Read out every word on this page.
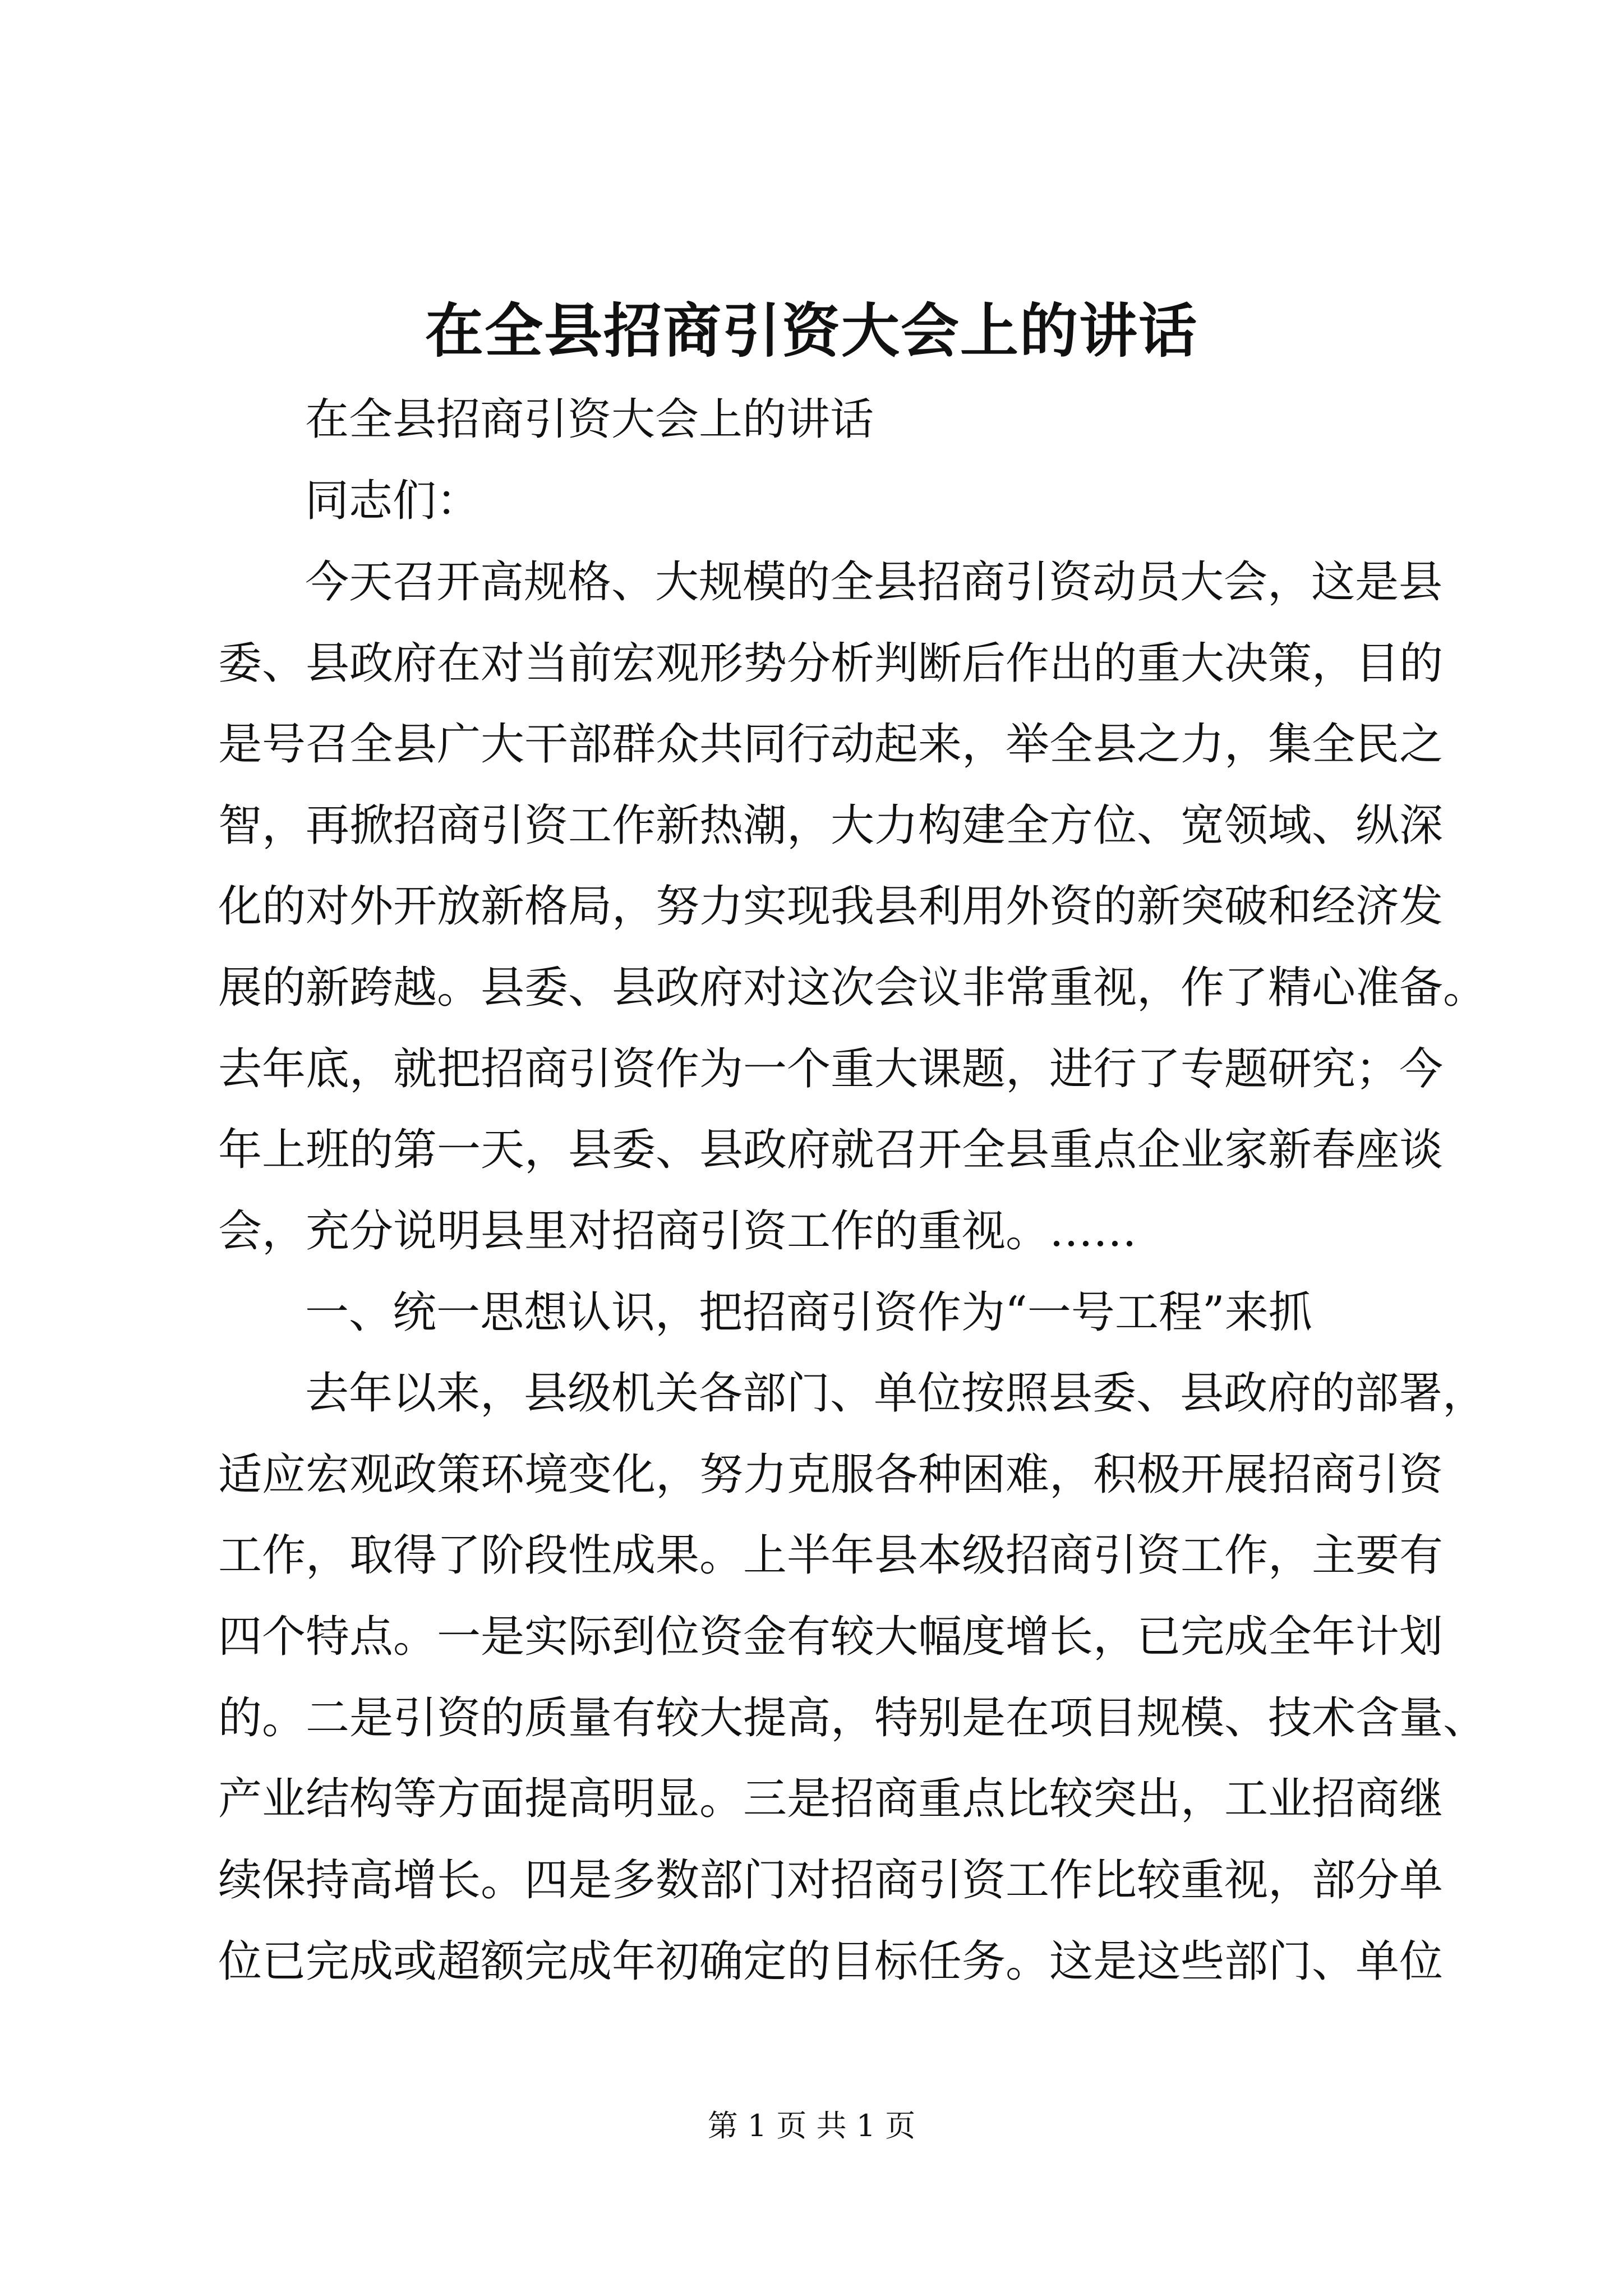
在全县招商引资大会上的讲话
在全县招商引资大会上的讲话
同志们：
今天召开高规格、大规模的全县招商引资动员大会，这是县
委、县政府在对当前宏观形势分析判断后作出的重大决策，目的
是号召全县广大干部群众共同行动起来，举全县之力，集全民之
智，再掀招商引资工作新热潮，大力构建全方位、宽领域、纵深
化的对外开放新格局，努力实现我县利用外资的新突破和经济发
展的新跨越。县委、县政府对这次会议非常重视，作了精心准备。
去年底，就把招商引资作为一个重大课题，进行了专题研究；今
年上班的第一天，县委、县政府就召开全县重点企业家新春座谈
会，充分说明县里对招商引资工作的重视。……
一、统一思想认识，把招商引资作为“一号工程”来抓
去年以来，县级机关各部门、单位按照县委、县政府的部署，
适应宏观政策环境变化，努力克服各种困难，积极开展招商引资
工作，取得了阶段性成果。上半年县本级招商引资工作，主要有
四个特点。一是实际到位资金有较大幅度增长，已完成全年计划
的。二是引资的质量有较大提高，特别是在项目规模、技术含量、
产业结构等方面提高明显。三是招商重点比较突出，工业招商继
续保持高增长。四是多数部门对招商引资工作比较重视，部分单
位已完成或超额完成年初确定的目标任务。这是这些部门、单位
第 1 页 共 1 页
